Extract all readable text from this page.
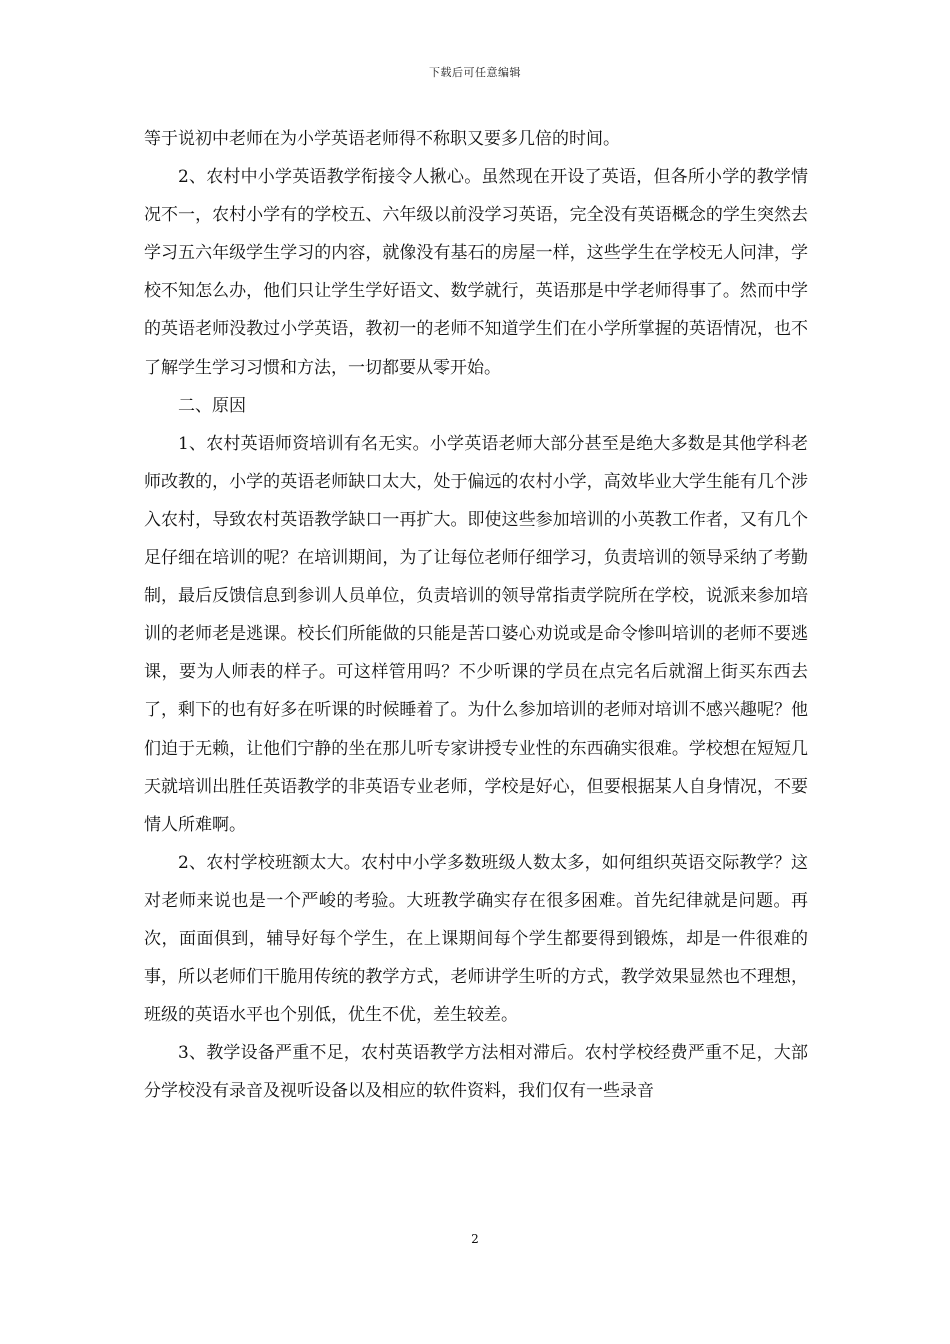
下载后可任意编辑

等于说初中老师在为小学英语老师得不称职又要多几倍的时间。

2、农村中小学英语教学衔接令人揪心。虽然现在开设了英语，但各所小学的教学情况不一，农村小学有的学校五、六年级以前没学习英语，完全没有英语概念的学生突然去学习五六年级学生学习的内容，就像没有基石的房屋一样，这些学生在学校无人问津，学校不知怎么办，他们只让学生学好语文、数学就行，英语那是中学老师得事了。然而中学的英语老师没教过小学英语，教初一的老师不知道学生们在小学所掌握的英语情况，也不了解学生学习习惯和方法，一切都要从零开始。

二、原因

1、农村英语师资培训有名无实。小学英语老师大部分甚至是绝大多数是其他学科老师改教的，小学的英语老师缺口太大，处于偏远的农村小学，高效毕业大学生能有几个涉入农村，导致农村英语教学缺口一再扩大。即使这些参加培训的小英教工作者，又有几个足仔细在培训的呢？在培训期间，为了让每位老师仔细学习，负责培训的领导采纳了考勤制，最后反馈信息到参训人员单位，负责培训的领导常指责学院所在学校，说派来参加培训的老师老是逃课。校长们所能做的只能是苦口婆心劝说或是命令惨叫培训的老师不要逃课，要为人师表的样子。可这样管用吗？不少听课的学员在点完名后就溜上街买东西去了，剩下的也有好多在听课的时候睡着了。为什么参加培训的老师对培训不感兴趣呢？他们迫于无赖，让他们宁静的坐在那儿听专家讲授专业性的东西确实很难。学校想在短短几天就培训出胜任英语教学的非英语专业老师，学校是好心，但要根据某人自身情况，不要情人所难啊。

2、农村学校班额太大。农村中小学多数班级人数太多，如何组织英语交际教学？这对老师来说也是一个严峻的考验。大班教学确实存在很多困难。首先纪律就是问题。再次，面面俱到，辅导好每个学生，在上课期间每个学生都要得到锻炼，却是一件很难的事，所以老师们干脆用传统的教学方式，老师讲学生听的方式，教学效果显然也不理想，班级的英语水平也个别低，优生不优，差生较差。

3、教学设备严重不足，农村英语教学方法相对滞后。农村学校经费严重不足，大部分学校没有录音及视听设备以及相应的软件资料，我们仅有一些录音

2
